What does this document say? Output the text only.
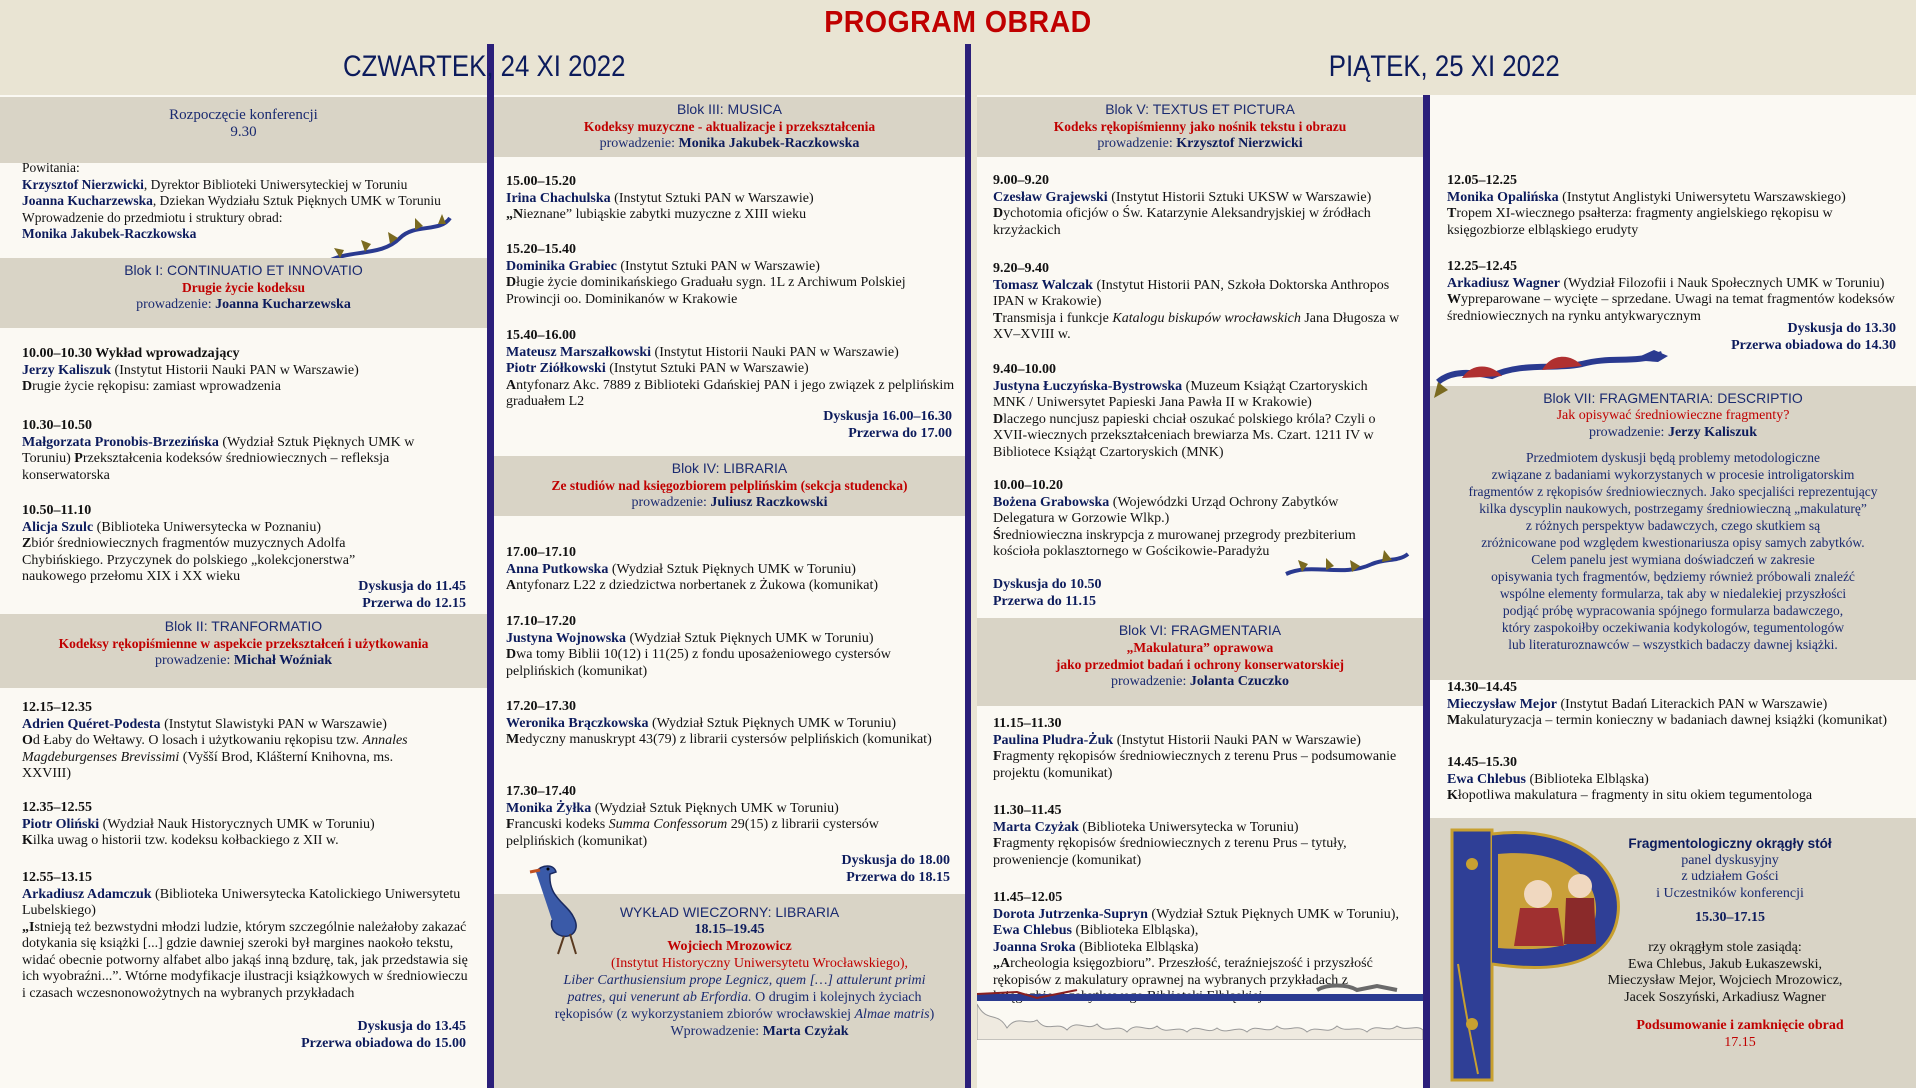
PROGRAM OBRAD
CZWARTEK, 24 XI 2022	PIĄTEK, 25 XI 2022
Rozpoczęcie konferencji
9.30

Powitania:

Krzysztof Nierzwicki, Dyrektor Biblioteki Uniwersyteckiej w Toruniu

Joanna Kucharzewska, Dziekan Wydziału Sztuk Pięknych UMK w Toruniu

Wprowadzenie do przedmiotu i struktury obrad:

Monika Jakubek-Raczkowska

Blok I: CONTINUATIO ET INNOVATIO
Drugie życie kodeksu
prowadzenie: Joanna Kucharzewska

10.00–10.30 Wykład wprowadzający

Jerzy Kaliszuk (Instytut Historii Nauki PAN w Warszawie)

Drugie życie rękopisu: zamiast wprowadzenia

10.30–10.50

Małgorzata Pronobis-Brzezińska (Wydział Sztuk Pięknych UMK w Toruniu) Przekształcenia kodeksów średniowiecznych – refleksja konserwatorska

10.50–11.10

Alicja Szulc (Biblioteka Uniwersytecka w Poznaniu)

Zbiór średniowiecznych fragmentów muzycznych Adolfa Chybińskiego. Przyczynek do polskiego „kolekcjonerstwa” naukowego przełomu XIX i XX wieku

Dyskusja do 11.45
Przerwa do 12.15
Blok II: TRANFORMATIO
Kodeksy rękopiśmienne w aspekcie przekształceń i użytkowania
prowadzenie: Michał Woźniak

12.15–12.35

Adrien Quéret-Podesta (Instytut Slawistyki PAN w Warszawie)

Od Łaby do Wełtawy. O losach i użytkowaniu rękopisu tzw. Annales Magdeburgenses Brevissimi (Vyšší Brod, Klášterní Knihovna, ms. XXVIII)

12.35–12.55

Piotr Oliński (Wydział Nauk Historycznych UMK w Toruniu)

Kilka uwag o historii tzw. kodeksu kołbackiego z XII w.

12.55–13.15

Arkadiusz Adamczuk (Biblioteka Uniwersytecka Katolickiego Uniwersytetu Lubelskiego)

„Istnieją też bezwstydni młodzi ludzie, którym szczególnie należałoby zakazać dotykania się książki [...] gdzie dawniej szeroki był margines naokoło tekstu, widać obecnie potworny alfabet albo jakąś inną bzdurę, tak, jak przedstawia się ich wyobraźni...”. Wtórne modyfikacje ilustracji książkowych w średniowieczu i czasach wczesnonowożytnych na wybranych przykładach

Dyskusja do 13.45
Przerwa obiadowa do 15.00
Blok III: MUSICA
Kodeksy muzyczne - aktualizacje i przekształcenia
prowadzenie: Monika Jakubek-Raczkowska

15.00–15.20

Irina Chachulska (Instytut Sztuki PAN w Warszawie)

„Nieznane” lubiąskie zabytki muzyczne z XIII wieku

15.20–15.40

Dominika Grabiec (Instytut Sztuki PAN w Warszawie)

Długie życie dominikańskiego Graduału sygn. 1L z Archiwum Polskiej Prowincji oo. Dominikanów w Krakowie

15.40–16.00

Mateusz Marszałkowski (Instytut Historii Nauki PAN w Warszawie)

Piotr Ziółkowski (Instytut Sztuki PAN w Warszawie)

Antyfonarz Akc. 7889 z Biblioteki Gdańskiej PAN i jego związek z pelplińskim graduałem L2

Dyskusja 16.00–16.30
Przerwa do 17.00
Blok IV: LIBRARIA
Ze studiów nad księgozbiorem pelplińskim (sekcja studencka)
prowadzenie: Juliusz Raczkowski

17.00–17.10

Anna Putkowska (Wydział Sztuk Pięknych UMK w Toruniu)

Antyfonarz L22 z dziedzictwa norbertanek z Żukowa (komunikat)

17.10–17.20

Justyna Wojnowska (Wydział Sztuk Pięknych UMK w Toruniu)

Dwa tomy Biblii 10(12) i 11(25) z fondu uposażeniowego cystersów pelplińskich (komunikat)

17.20–17.30

Weronika Brączkowska (Wydział Sztuk Pięknych UMK w Toruniu)

Medyczny manuskrypt 43(79) z librarii cystersów pelplińskich (komunikat)

17.30–17.40

Monika Żyłka (Wydział Sztuk Pięknych UMK w Toruniu)

Francuski kodeks Summa Confessorum 29(15) z librarii cystersów pelplińskich (komunikat)

Dyskusja do 18.00
Przerwa do 18.15
WYKŁAD WIECZORNY: LIBRARIA
18.15–19.45
Wojciech Mrozowicz
(Instytut Historyczny Uniwersytetu Wrocławskiego),
Liber Carthusiensium prope Legnicz, quem […] attulerunt primi patres, qui venerunt ab Erfordia. O drugim i kolejnych życiach rękopisów (z wykorzystaniem zbiorów wrocławskiej Almae matris)
Wprowadzenie: Marta Czyżak
Blok V: TEXTUS ET PICTURA
Kodeks rękopiśmienny jako nośnik tekstu i obrazu
prowadzenie: Krzysztof Nierzwicki

9.00–9.20

Czesław Grajewski (Instytut Historii Sztuki UKSW w Warszawie)

Dychotomia oficjów o Św. Katarzynie Aleksandryjskiej w źródłach krzyżackich

9.20–9.40

Tomasz Walczak (Instytut Historii PAN, Szkoła Doktorska Anthropos IPAN w Krakowie)

Transmisja i funkcje Katalogu biskupów wrocławskich Jana Długosza w XV–XVIII w.

9.40–10.00

Justyna Łuczyńska-Bystrowska (Muzeum Książąt Czartoryskich MNK / Uniwersytet Papieski Jana Pawła II w Krakowie)

Dlaczego nuncjusz papieski chciał oszukać polskiego króla? Czyli o XVII-wiecznych przekształceniach brewiarza Ms. Czart. 1211 IV w Bibliotece Książąt Czartoryskich (MNK)

10.00–10.20

Bożena Grabowska (Wojewódzki Urząd Ochrony Zabytków Delegatura w Gorzowie Wlkp.)

Średniowieczna inskrypcja z murowanej przegrody prezbiterium kościoła poklasztornego w Gościkowie-Paradyżu

Dyskusja do 10.50
Przerwa do 11.15
Blok VI: FRAGMENTARIA
„Makulatura” oprawowa
jako przedmiot badań i ochrony konserwatorskiej
prowadzenie: Jolanta Czuczko

11.15–11.30

Paulina Pludra-Żuk (Instytut Historii Nauki PAN w Warszawie)

Fragmenty rękopisów średniowiecznych z terenu Prus – podsumowanie projektu (komunikat)

11.30–11.45

Marta Czyżak (Biblioteka Uniwersytecka w Toruniu)

Fragmenty rękopisów średniowiecznych z terenu Prus – tytuły, proweniencje (komunikat)

11.45–12.05

Dorota Jutrzenka-Supryn (Wydział Sztuk Pięknych UMK w Toruniu), Ewa Chlebus (Biblioteka Elbląska),

Joanna Sroka (Biblioteka Elbląska)

„Archeologia księgozbioru”. Przeszłość, teraźniejszość i przyszłość rękopisów z makulatury oprawnej na wybranych przykładach z

12.05–12.25

Monika Opalińska (Instytut Anglistyki Uniwersytetu Warszawskiego)

Tropem XI-wiecznego psałterza: fragmenty angielskiego rękopisu w księgozbiorze elbląskiego erudyty

12.25–12.45

Arkadiusz Wagner (Wydział Filozofii i Nauk Społecznych UMK w Toruniu) Wypreparowane – wycięte – sprzedane. Uwagi na temat fragmentów kodeksów średniowiecznych na rynku antykwarycznym

Dyskusja do 13.30
Przerwa obiadowa do 14.30
Blok VII: FRAGMENTARIA: DESCRIPTIO
Jak opisywać średniowieczne fragmenty?
prowadzenie: Jerzy Kaliszuk
Przedmiotem dyskusji będą problemy metodologiczne
związane z badaniami wykorzystanych w procesie introligatorskim
fragmentów z rękopisów średniowiecznych. Jako specjaliści reprezentujący
kilka dyscyplin naukowych, postrzegamy średniowieczną „makulaturę”
z różnych perspektyw badawczych, czego skutkiem są
zróżnicowane pod względem kwestionariusza opisy samych zabytków.
Celem panelu jest wymiana doświadczeń w zakresie
opisywania tych fragmentów, będziemy również próbowali znaleźć
wspólne elementy formularza, tak aby w niedalekiej przyszłości
podjąć próbę wypracowania spójnego formularza badawczego,
który zaspokoiłby oczekiwania kodykologów, tegumentologów
lub literaturoznawców – wszystkich badaczy dawnej książki.

14.30–14.45

Mieczysław Mejor (Instytut Badań Literackich PAN w Warszawie)

Makulaturyzacja – termin konieczny w badaniach dawnej książki (komunikat)

14.45–15.30

Ewa Chlebus (Biblioteka Elbląska)

Kłopotliwa makulatura – fragmenty in situ okiem tegumentologa

Fragmentologiczny okrągły stół
panel dyskusyjny
z udziałem Gości
i Uczestników konferencji
15.30–17.15
rzy okrągłym stole zasiądą:
Ewa Chlebus, Jakub Łukaszewski,
Mieczysław Mejor, Wojciech Mrozowicz,
Jacek Soszyński, Arkadiusz Wagner
Podsumowanie i zamknięcie obrad
17.15
